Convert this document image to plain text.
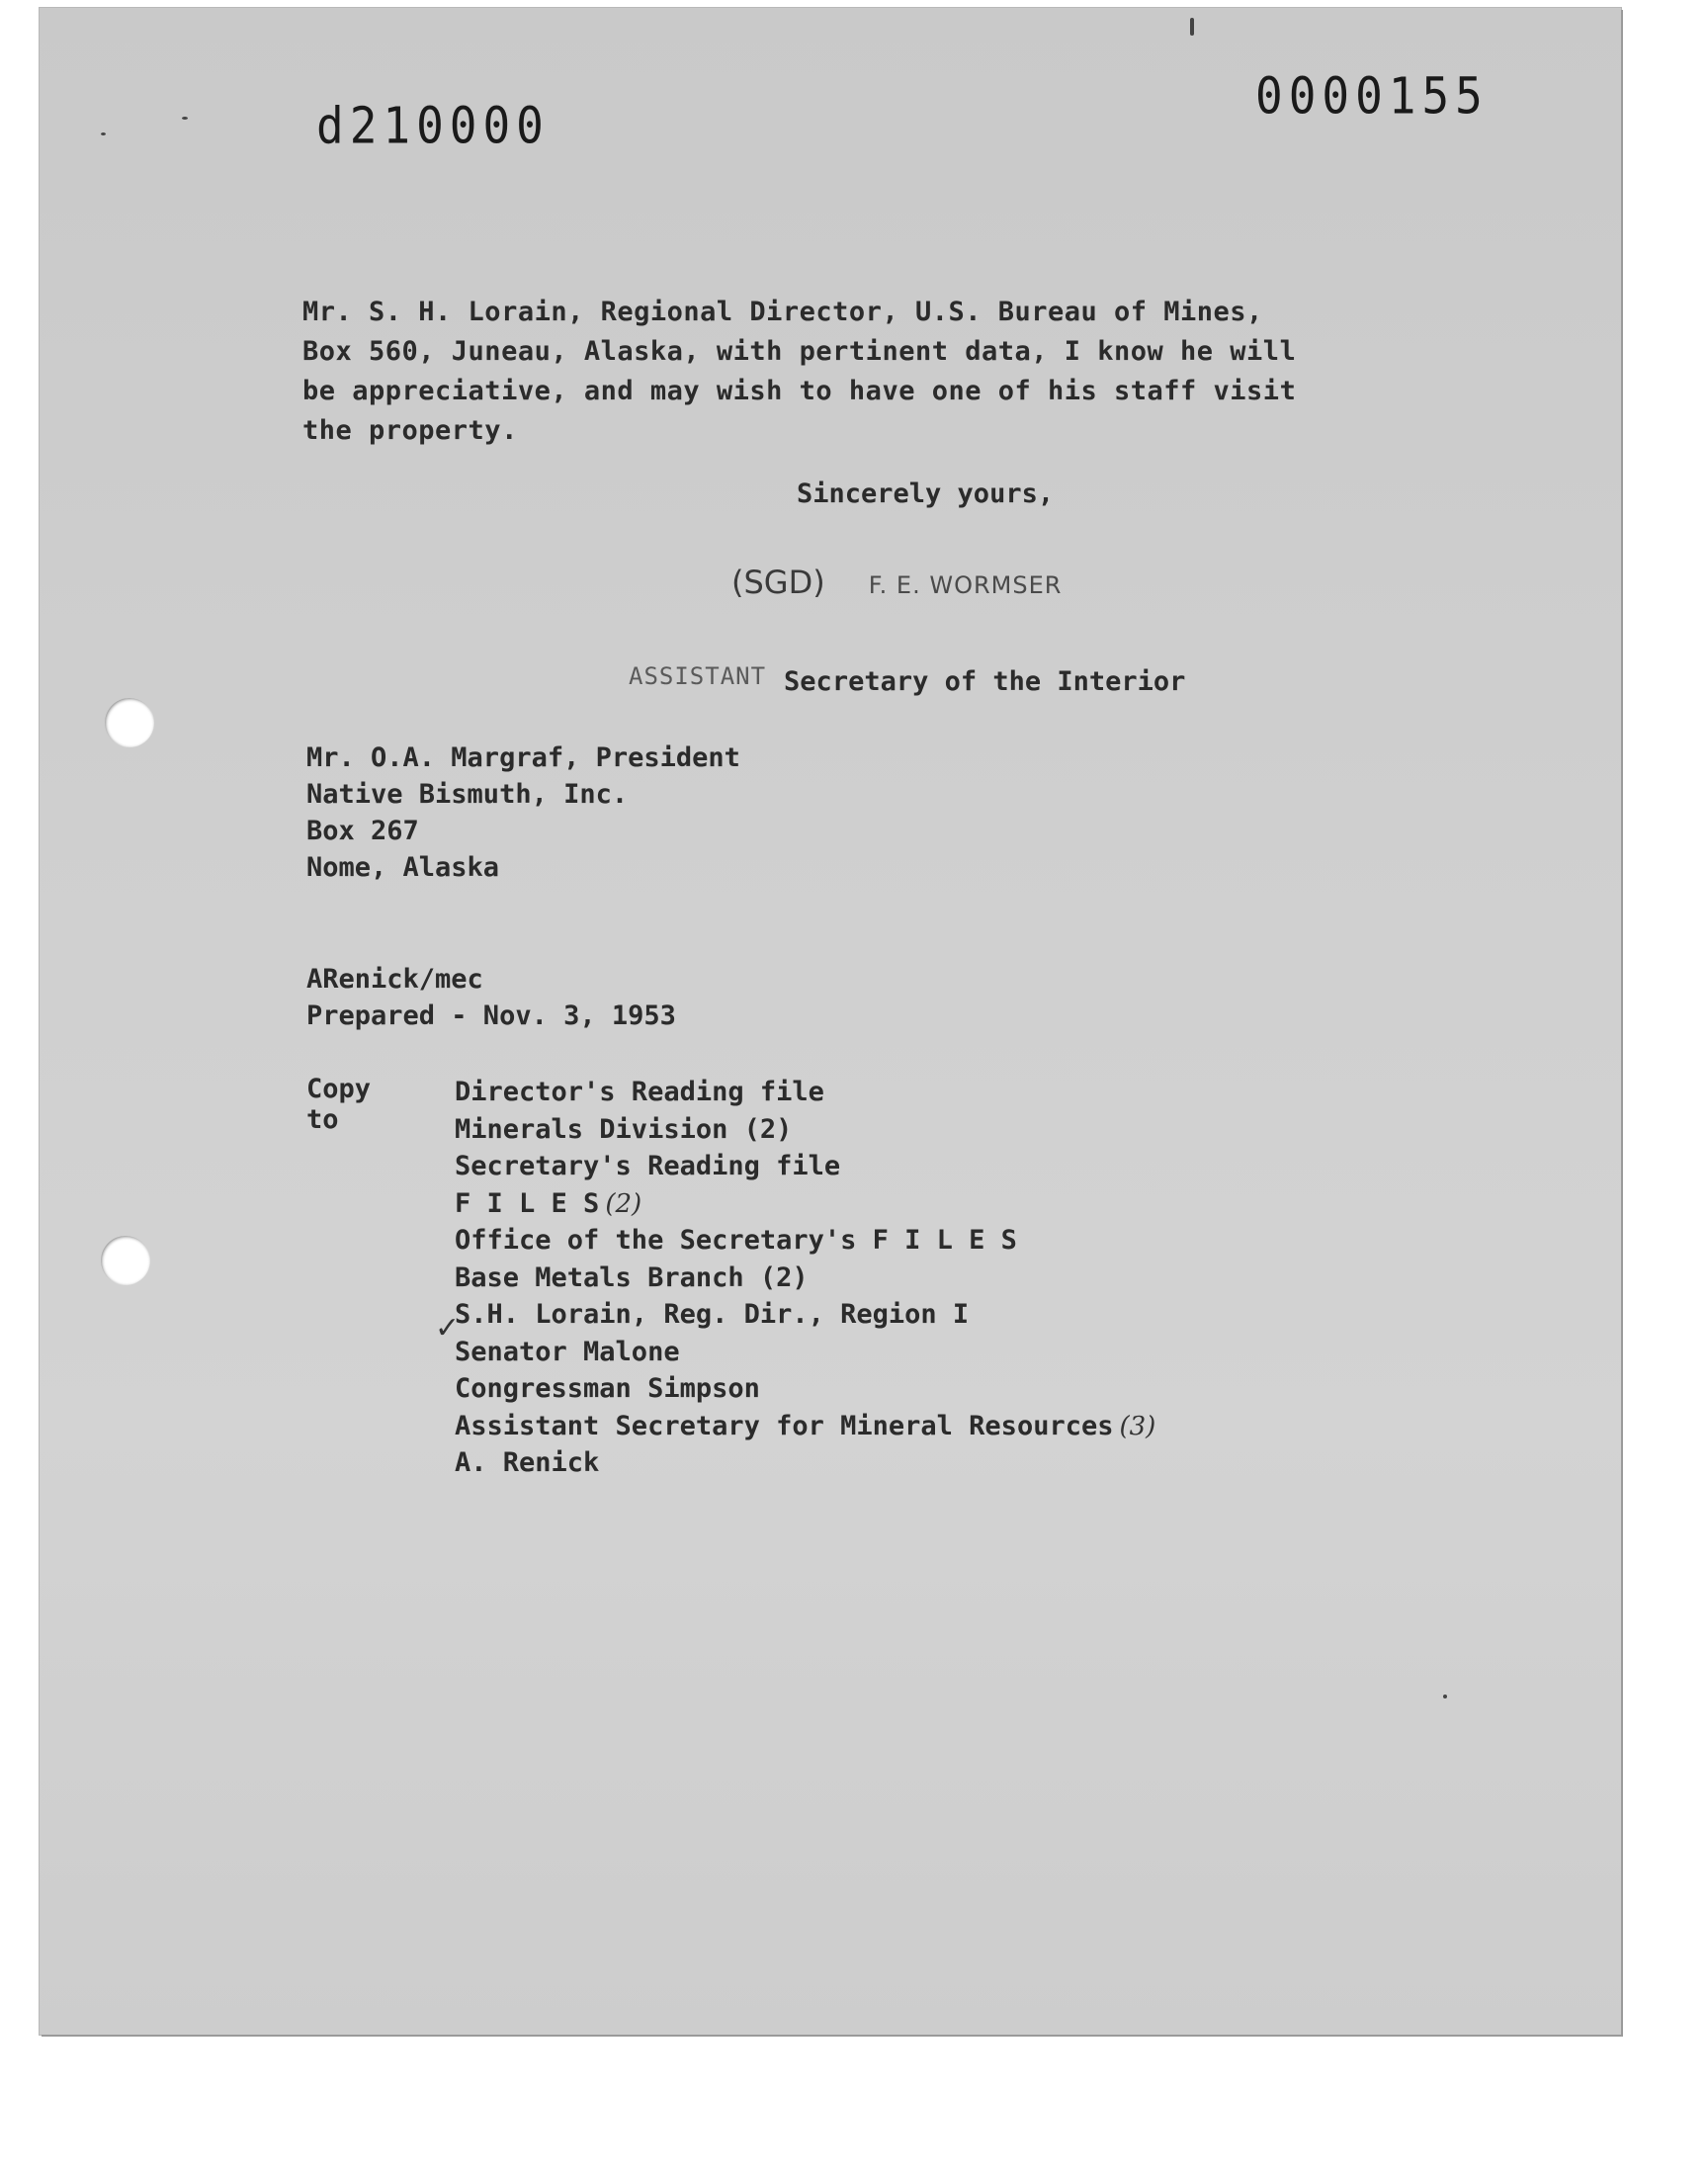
d210000
0000155
Mr. S. H. Lorain, Regional Director, U.S. Bureau of Mines,
Box 560, Juneau, Alaska, with pertinent data, I know he will
be appreciative, and may wish to have one of his staff visit
the property.
Sincerely yours,
(SGD) F. E. WORMSER
ASSISTANT Secretary of the Interior
Mr. O.A. Margraf, President
Native Bismuth, Inc.
Box 267
Nome, Alaska
ARenick/mec
Prepared - Nov. 3, 1953
Copy to
✓
Director's Reading file
Minerals Division (2)
Secretary's Reading file
F I L E S (2)
Office of the Secretary's F I L E S
Base Metals Branch (2)
S.H. Lorain, Reg. Dir., Region I
Senator Malone
Congressman Simpson
Assistant Secretary for Mineral Resources (3)
A. Renick
